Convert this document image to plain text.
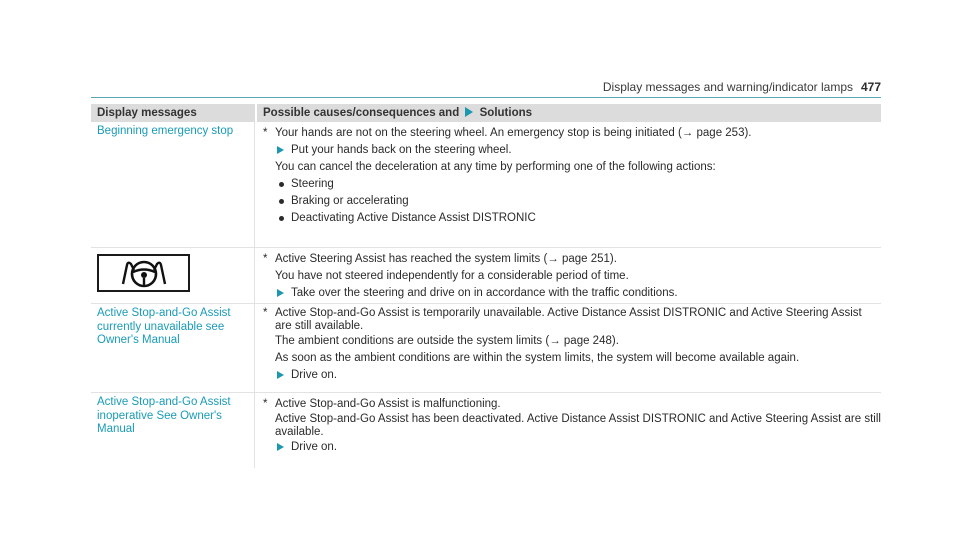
Display messages and warning/indicator lamps 477
Display messages	Possible causes/consequences and Solutions
Beginning emergency stop
*	Your hands are not on the steering wheel. An emergency stop is being initiated (→ page 253).
Put your hands back on the steering wheel.
You can cancel the deceleration at any time by performing one of the following actions:
Steering
Braking or accelerating
Deactivating Active Distance Assist DISTRONIC
* Active Steering Assist has reached the system limits (→ page 251).
You have not steered independently for a considerable period of time.
Take over the steering and drive on in accordance with the traffic conditions.
Active Stop-and-Go Assist currently unavailable see Owner's Manual
* Active Stop-and-Go Assist is temporarily unavailable. Active Distance Assist DISTRONIC and Active Steering Assist are still available.
The ambient conditions are outside the system limits (→ page 248).
As soon as the ambient conditions are within the system limits, the system will become available again.
Drive on.
Active Stop-and-Go Assist inoperative See Owner's Manual
* Active Stop-and-Go Assist is malfunctioning.
Active Stop-and-Go Assist has been deactivated. Active Distance Assist DISTRONIC and Active Steering Assist are still available.
Drive on.
